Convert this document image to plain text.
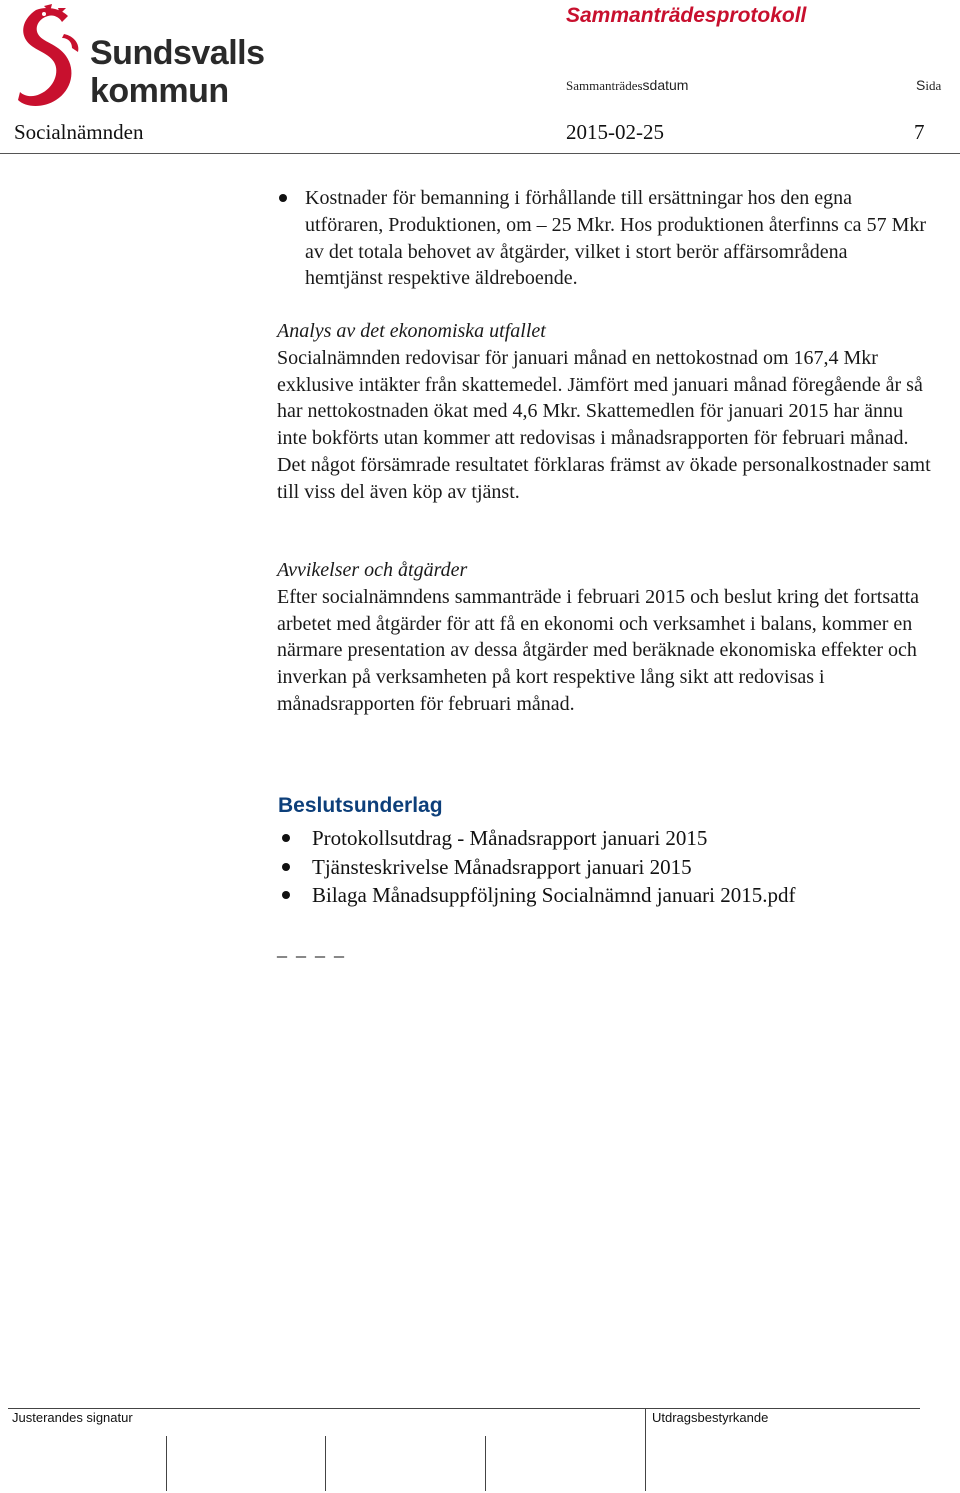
Sundsvalls
kommun
Sammanträdesprotokoll
Sammanträdessdatum	Sida
Socialnämnden	2015-02-25	7
Kostnader för bemanning i förhållande till ersättningar hos den egna utföraren, Produktionen, om – 25 Mkr. Hos produktionen återfinns ca 57 Mkr av det totala behovet av åtgärder, vilket i stort berör affärsområdena hemtjänst respektive äldreboende.
Analys av det ekonomiska utfallet
Socialnämnden redovisar för januari månad en nettokostnad om 167,4 Mkr exklusive intäkter från skattemedel. Jämfört med januari månad föregående år så har nettokostnaden ökat med 4,6 Mkr. Skattemedlen för januari 2015 har ännu inte bokförts utan kommer att redovisas i månadsrapporten för februari månad. Det något försämrade resultatet förklaras främst av ökade personalkostnader samt till viss del även köp av tjänst.
Avvikelser och åtgärder
Efter socialnämndens sammanträde i februari 2015 och beslut kring det fortsatta arbetet med åtgärder för att få en ekonomi och verksamhet i balans, kommer en närmare presentation av dessa åtgärder med beräknade ekonomiska effekter och inverkan på verksamheten på kort respektive lång sikt att redovisas i månadsrapporten för februari månad.
Beslutsunderlag
Protokollsutdrag - Månadsrapport januari 2015
Tjänsteskrivelse Månadsrapport januari 2015
Bilaga Månadsuppföljning Socialnämnd januari 2015.pdf
_ _ _ _
Justerandes signatur	Utdragsbestyrkande
